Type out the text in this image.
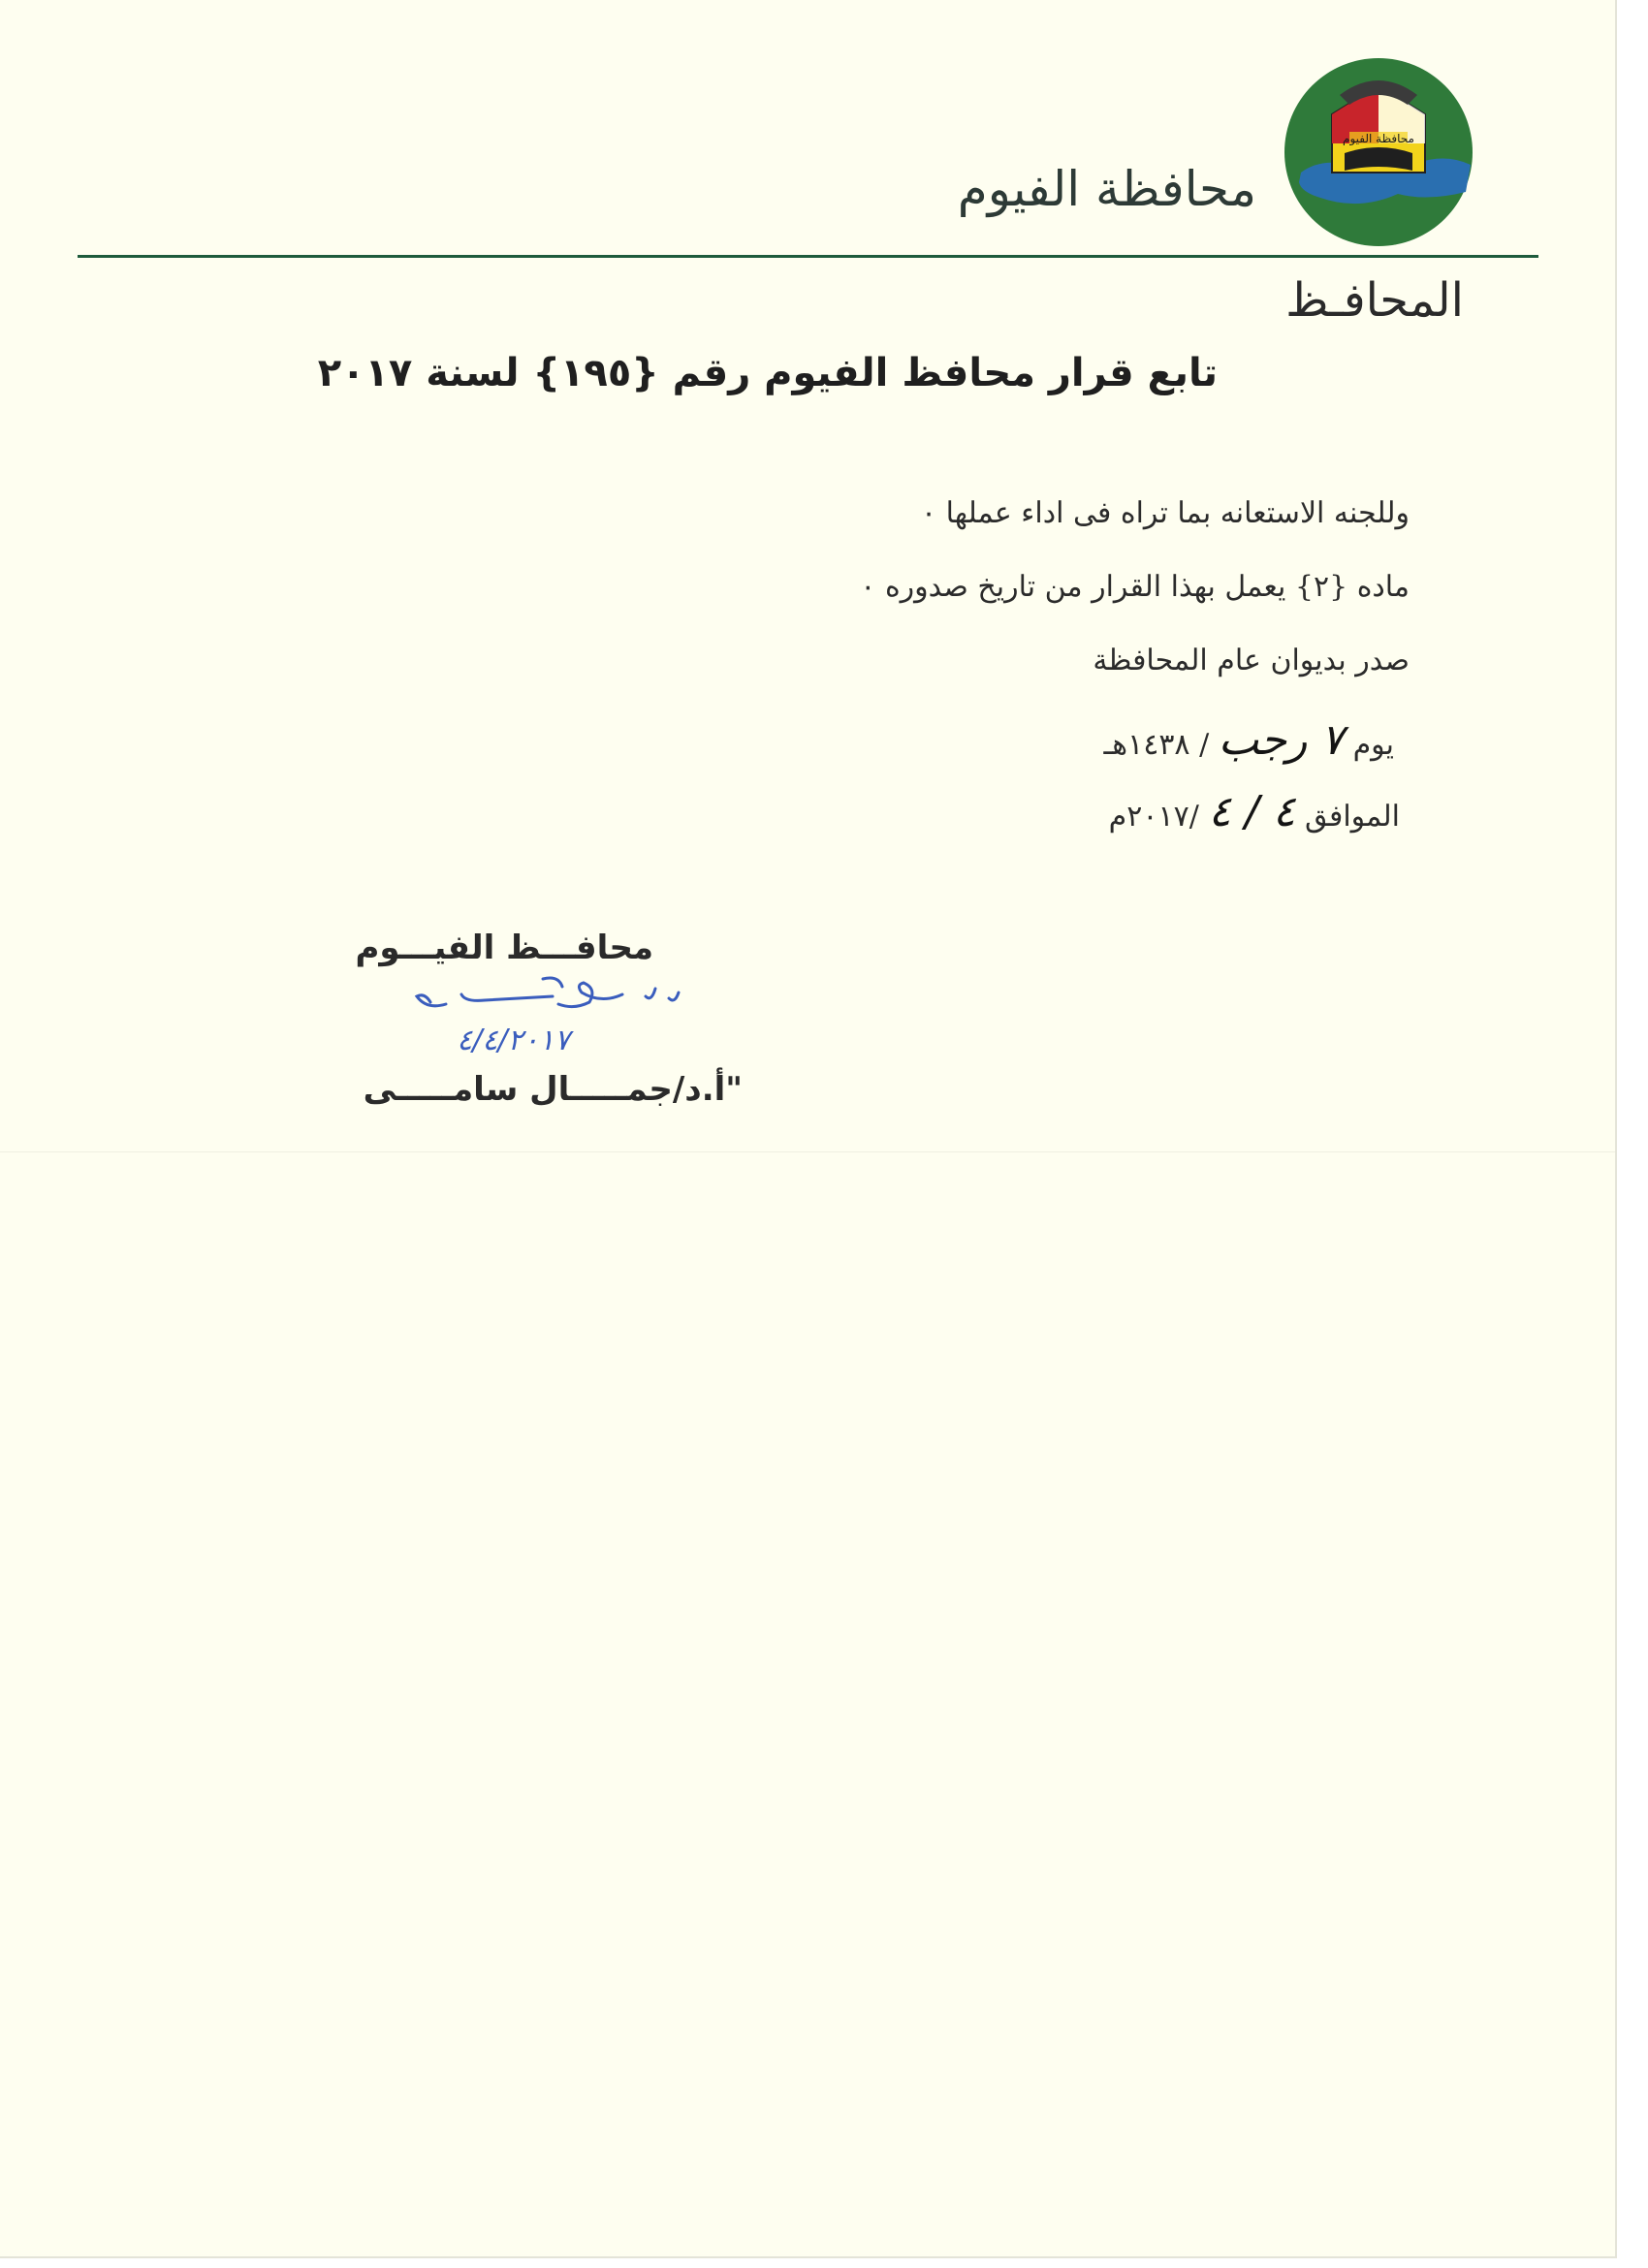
محافظة الفيوم
محافظة الفيوم
المحافـظ
تابع قرار محافظ الفيوم رقم {١٩٥} لسنة ٢٠١٧
وللجنه الاستعانه بما تراه فى اداء عملها ٠
ماده {٢} يعمل بهذا القرار من تاريخ صدوره ٠
صدر بديوان عام المحافظة
يوم ٧ رجب / ١٤٣٨هـ
الموافق ٤ / ٤ /٢٠١٧م
محافـــظ الفيـــوم
٤/٤/٢٠١٧
"أ.د/جمـــــال سامـــــى
